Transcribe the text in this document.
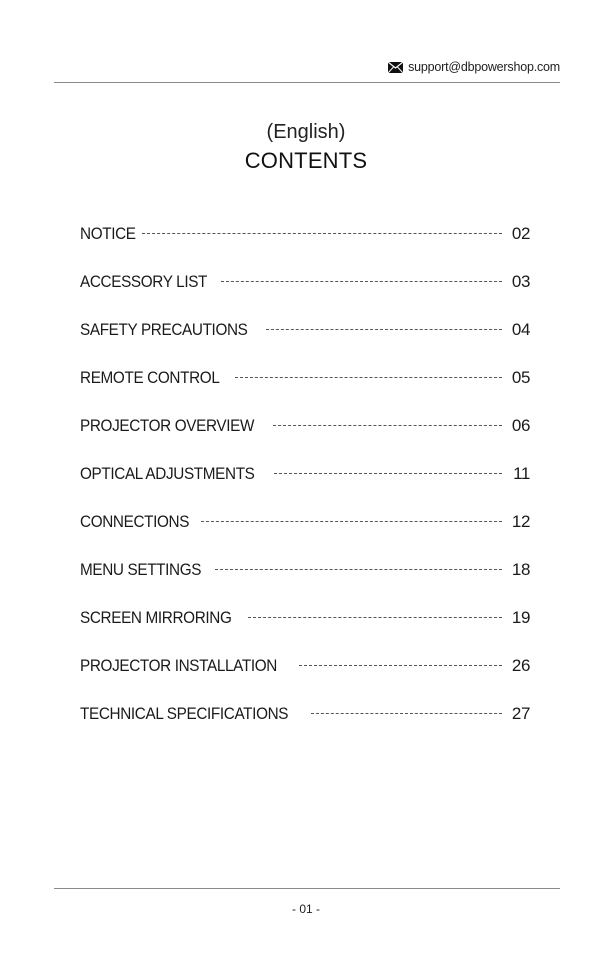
support@dbpowershop.com
(English)
CONTENTS
NOTICE	02
ACCESSORY LIST	03
SAFETY PRECAUTIONS	04
REMOTE CONTROL	05
PROJECTOR OVERVIEW	06
OPTICAL ADJUSTMENTS	11
CONNECTIONS	12
MENU SETTINGS	18
SCREEN MIRRORING	19
PROJECTOR INSTALLATION	26
TECHNICAL SPECIFICATIONS	27
- 01 -
